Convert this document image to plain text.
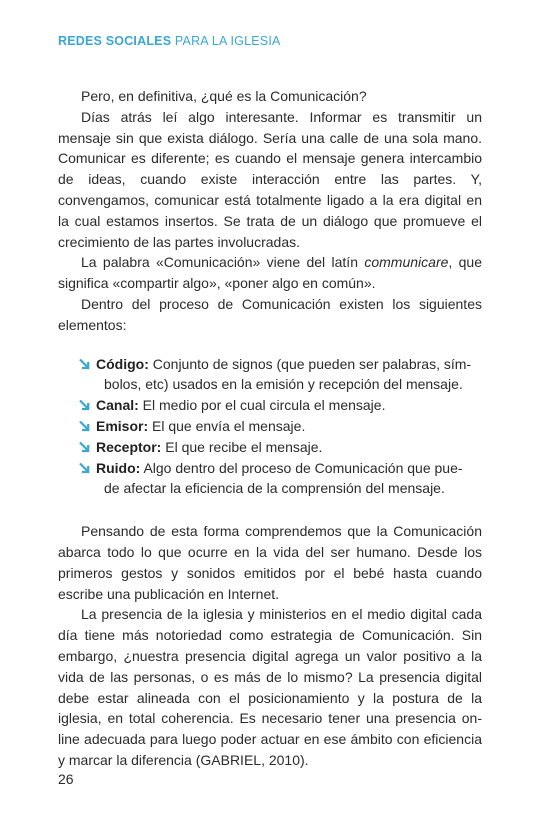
REDES SOCIALES PARA LA IGLESIA

Pero, en definitiva, ¿qué es la Comunicación?

Días atrás leí algo interesante. Informar es transmitir un mensaje sin que exista diálogo. Sería una calle de una sola mano. Comunicar es diferente; es cuando el mensaje genera intercambio de ideas, cuando existe interacción entre las partes. Y, convengamos, comunicar está totalmente ligado a la era digital en la cual estamos insertos. Se trata de un diálogo que promueve el crecimiento de las partes involucradas.

La palabra «Comunicación» viene del latín communicare, que significa «compartir algo», «poner algo en común».

Dentro del proceso de Comunicación existen los siguientes elementos:

Código: Conjunto de signos (que pueden ser palabras, sím-
bolos, etc) usados en la emisión y recepción del mensaje.
Canal: El medio por el cual circula el mensaje.
Emisor: El que envía el mensaje.
Receptor: El que recibe el mensaje.
Ruido: Algo dentro del proceso de Comunicación que pue-
de afectar la eficiencia de la comprensión del mensaje.

Pensando de esta forma comprendemos que la Comunicación abarca todo lo que ocurre en la vida del ser humano. Desde los primeros gestos y sonidos emitidos por el bebé hasta cuando escribe una publicación en Internet.

La presencia de la iglesia y ministerios en el medio digital cada día tiene más notoriedad como estrategia de Comunicación. Sin embargo, ¿nuestra presencia digital agrega un valor positivo a la vida de las personas, o es más de lo mismo? La presencia digital debe estar alineada con el posicionamiento y la postura de la iglesia, en total coherencia. Es necesario tener una presencia on-line adecuada para luego poder actuar en ese ámbito con eficiencia y marcar la diferencia (GABRIEL, 2010).

26
